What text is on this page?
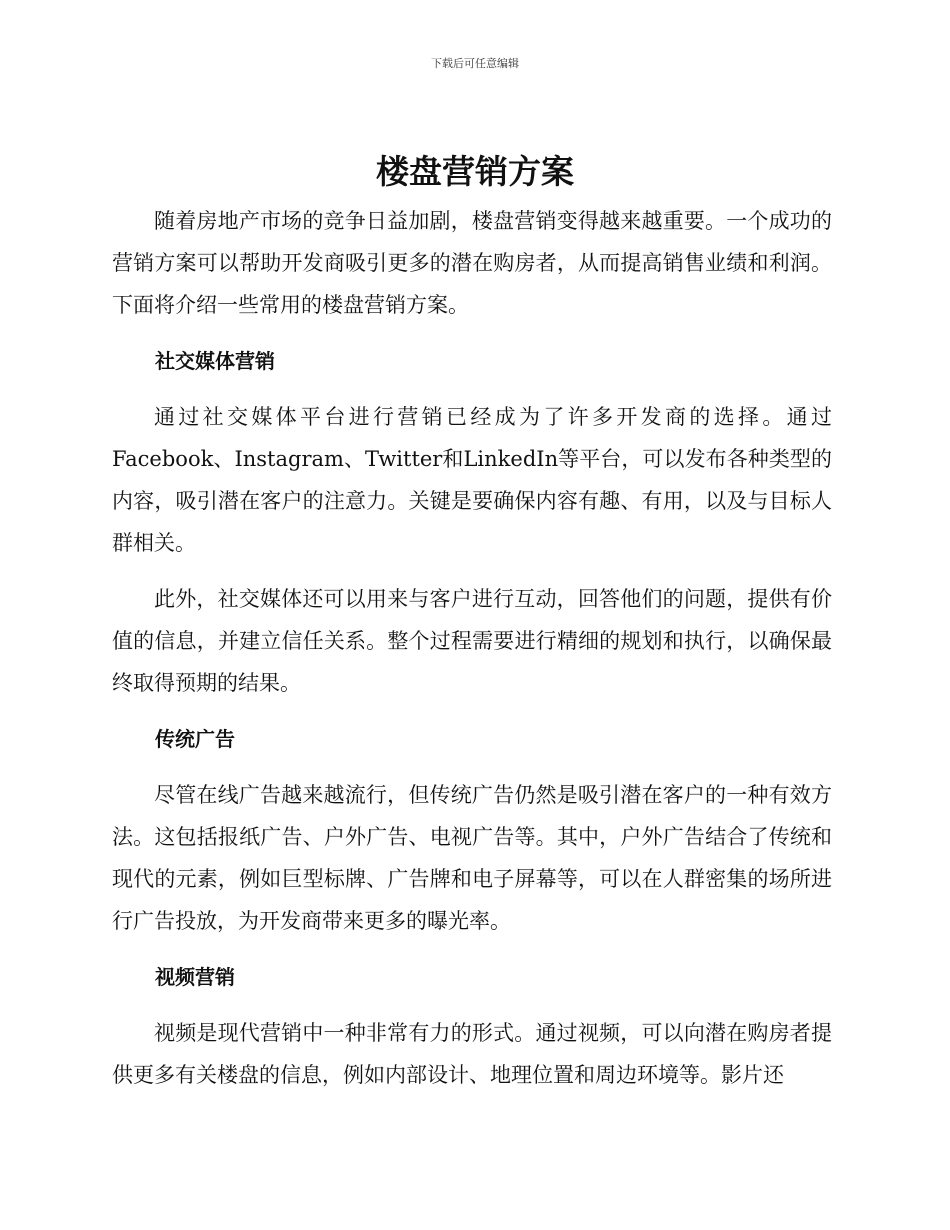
下载后可任意编辑
楼盘营销方案

随着房地产市场的竞争日益加剧，楼盘营销变得越来越重要。一个成功的营销方案可以帮助开发商吸引更多的潜在购房者，从而提高销售业绩和利润。下面将介绍一些常用的楼盘营销方案。

社交媒体营销

通过社交媒体平台进行营销已经成为了许多开发商的选择。通过Facebook、Instagram、Twitter和LinkedIn等平台，可以发布各种类型的内容，吸引潜在客户的注意力。关键是要确保内容有趣、有用，以及与目标人群相关。

此外，社交媒体还可以用来与客户进行互动，回答他们的问题，提供有价值的信息，并建立信任关系。整个过程需要进行精细的规划和执行，以确保最终取得预期的结果。

传统广告

尽管在线广告越来越流行，但传统广告仍然是吸引潜在客户的一种有效方法。这包括报纸广告、户外广告、电视广告等。其中，户外广告结合了传统和现代的元素，例如巨型标牌、广告牌和电子屏幕等，可以在人群密集的场所进行广告投放，为开发商带来更多的曝光率。

视频营销

视频是现代营销中一种非常有力的形式。通过视频，可以向潜在购房者提供更多有关楼盘的信息，例如内部设计、地理位置和周边环境等。影片还
